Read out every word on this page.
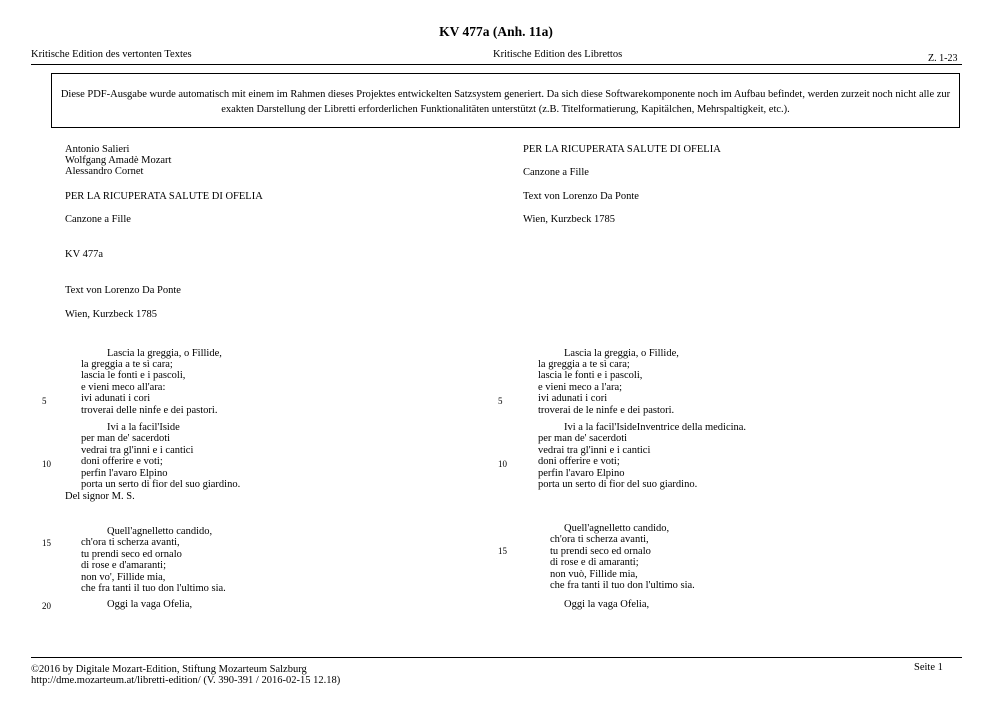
KV 477a (Anh. 11a)
Kritische Edition des vertonten Textes	Kritische Edition des Librettos	Z. 1-23
Diese PDF-Ausgabe wurde automatisch mit einem im Rahmen dieses Projektes entwickelten Satzsystem generiert. Da sich diese Softwarekomponente noch im Aufbau befindet, werden zurzeit noch nicht alle zur exakten Darstellung der Libretti erforderlichen Funktionalitäten unterstützt (z.B. Titelformatierung, Kapitälchen, Mehrspaltigkeit, etc.).
Antonio Salieri
Wolfgang Amadè Mozart
Alessandro Cornet
PER LA RICUPERATA SALUTE DI OFELIA
Canzone a Fille
KV 477a
Text von Lorenzo Da Ponte
Wien, Kurzbeck 1785
Lascia la greggia, o Fillide,
la greggia a te sì cara;
lascia le fonti e i pascoli,
e vieni meco all'ara:
ivi adunati i cori
troverai delle ninfe e dei pastori.
5
Ivi a la facil'Iside
per man de' sacerdoti
vedrai tra gl'inni e i cantici
doni offerire e voti;
perfin l'avaro Elpino
porta un serto di fior del suo giardino.
Del signor M. S.
10
Quell'agnelletto candido,
ch'ora ti scherza avanti,
tu prendi seco ed ornalo
di rose e d'amaranti;
non vo', Fillide mia,
che fra tanti il tuo don l'ultimo sia.
15
Oggi la vaga Ofelia,
20
PER LA RICUPERATA SALUTE DI OFELIA
Canzone a Fille
Text von Lorenzo Da Ponte
Wien, Kurzbeck 1785
Lascia la greggia, o Fillide,
la greggia a te sì cara;
lascia le fonti e i pascoli,
e vieni meco a l'ara;
ivi adunati i cori
troverai de le ninfe e dei pastori.
5
Ivi a la facil'IsideInventrice della medicina.
per man de' sacerdoti
vedrai tra gl'inni e i cantici
doni offerire e voti;
perfin l'avaro Elpino
porta un serto di fior del suo giardino.
10
Quell'agnelletto candido,
ch'ora ti scherza avanti,
tu prendi seco ed ornalo
di rose e di amaranti;
non vuò, Fillide mia,
che fra tanti il tuo don l'ultimo sia.
15
Oggi la vaga Ofelia,
©2016 by Digitale Mozart-Edition, Stiftung Mozarteum Salzburg
http://dme.mozarteum.at/libretti-edition/ (V. 390-391 / 2016-02-15 12.18)
Seite 1
